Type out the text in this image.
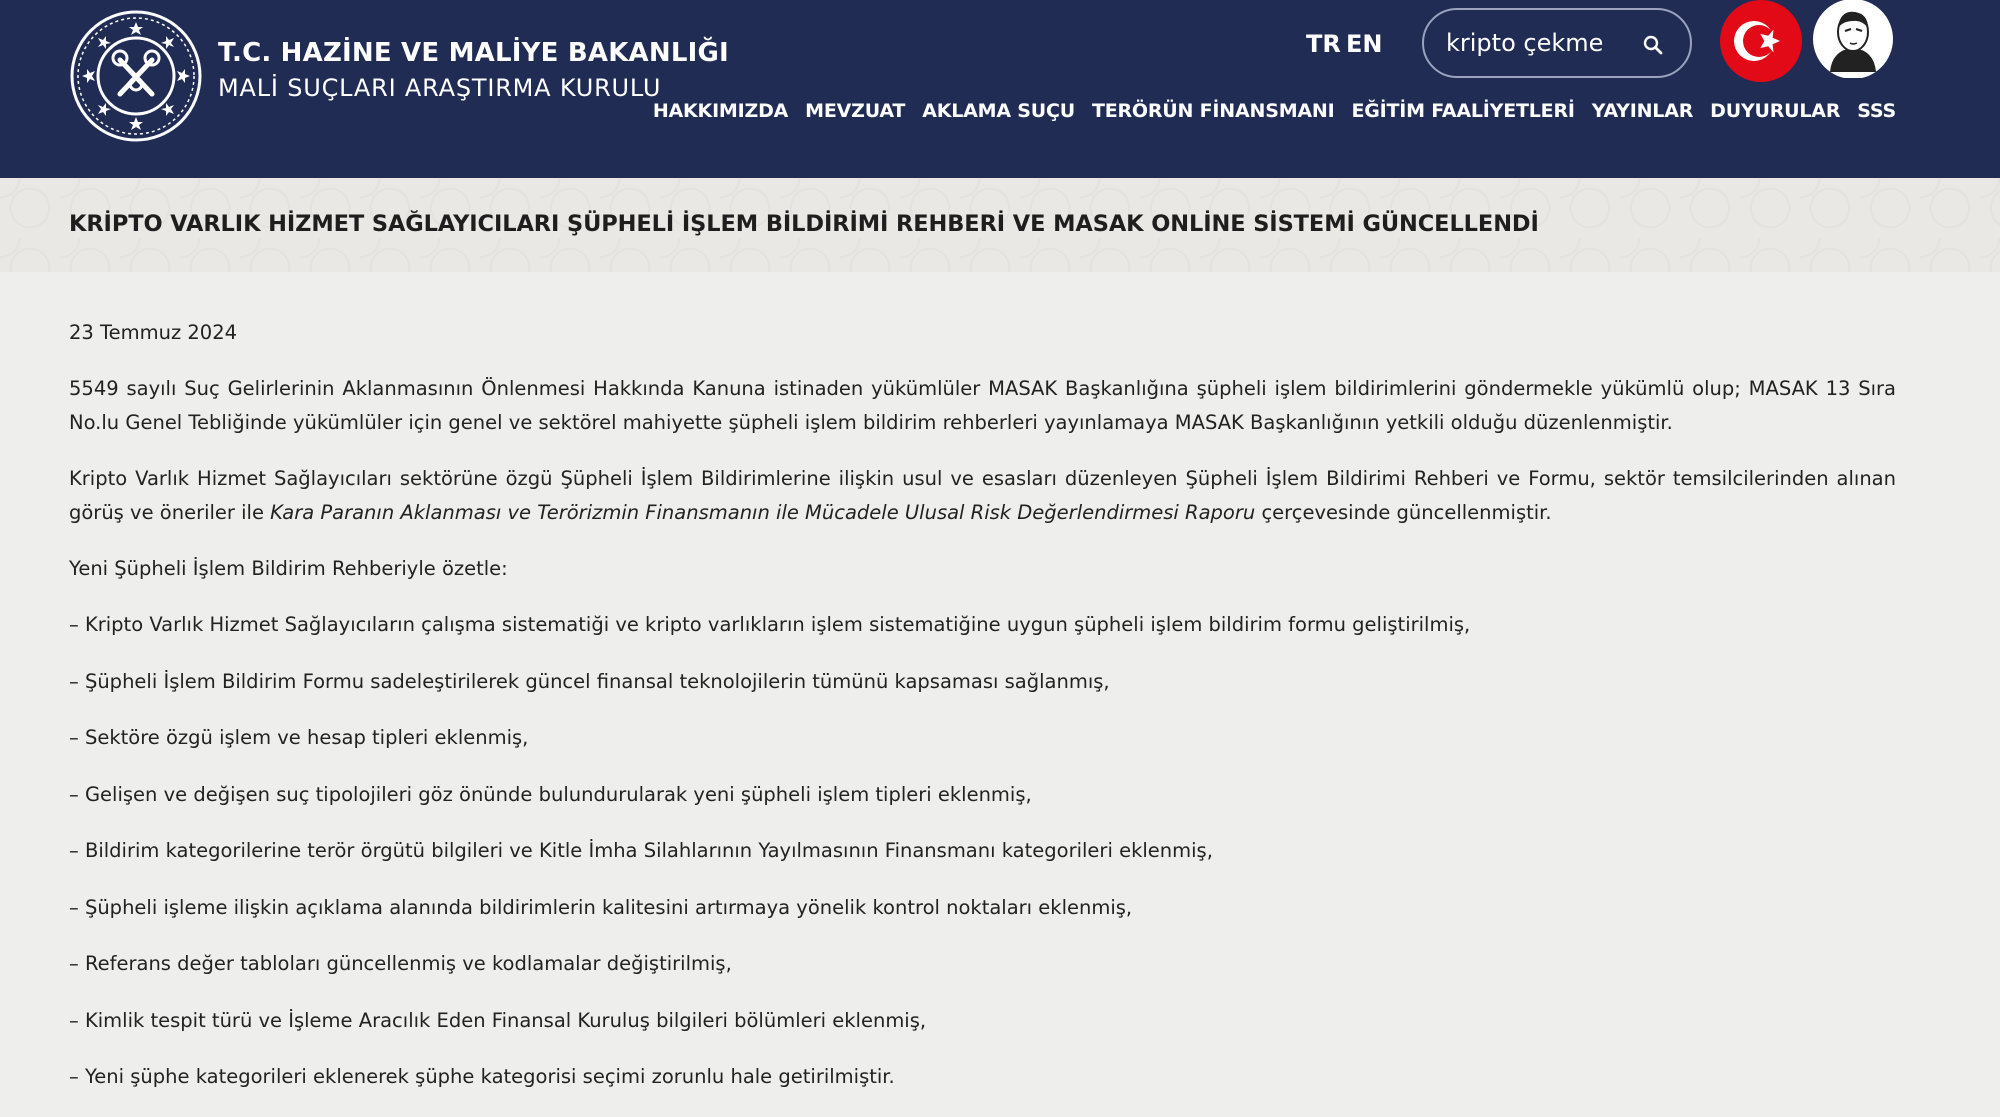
T.C. HAZİNE VE MALİYE BAKANLIĞI
MALİ SUÇLARI ARAŞTIRMA KURULU
TR EN
kripto çekme
HAKKIMIZDA MEVZUAT AKLAMA SUÇU TERÖRÜN FİNANSMANI EĞİTİM FAALİYETLERİ YAYINLAR DUYURULAR SSS
KRİPTO VARLIK HİZMET SAĞLAYICILARI ŞÜPHELİ İŞLEM BİLDİRİMİ REHBERİ VE MASAK ONLİNE SİSTEMİ GÜNCELLENDİ
23 Temmuz 2024

5549 sayılı Suç Gelirlerinin Aklanmasının Önlenmesi Hakkında Kanuna istinaden yükümlüler MASAK Başkanlığına şüpheli işlem bildirimlerini göndermekle yükümlü olup; MASAK 13 Sıra No.lu Genel Tebliğinde yükümlüler için genel ve sektörel mahiyette şüpheli işlem bildirim rehberleri yayınlamaya MASAK Başkanlığının yetkili olduğu düzenlenmiştir.

Kripto Varlık Hizmet Sağlayıcıları sektörüne özgü Şüpheli İşlem Bildirimlerine ilişkin usul ve esasları düzenleyen Şüpheli İşlem Bildirimi Rehberi ve Formu, sektör temsilcilerinden alınan görüş ve öneriler ile Kara Paranın Aklanması ve Terörizmin Finansmanın ile Mücadele Ulusal Risk Değerlendirmesi Raporu çerçevesinde güncellenmiştir.

Yeni Şüpheli İşlem Bildirim Rehberiyle özetle:

– Kripto Varlık Hizmet Sağlayıcıların çalışma sistematiği ve kripto varlıkların işlem sistematiğine uygun şüpheli işlem bildirim formu geliştirilmiş,
– Şüpheli İşlem Bildirim Formu sadeleştirilerek güncel finansal teknolojilerin tümünü kapsaması sağlanmış,
– Sektöre özgü işlem ve hesap tipleri eklenmiş,
– Gelişen ve değişen suç tipolojileri göz önünde bulundurularak yeni şüpheli işlem tipleri eklenmiş,
– Bildirim kategorilerine terör örgütü bilgileri ve Kitle İmha Silahlarının Yayılmasının Finansmanı kategorileri eklenmiş,
– Şüpheli işleme ilişkin açıklama alanında bildirimlerin kalitesini artırmaya yönelik kontrol noktaları eklenmiş,
– Referans değer tabloları güncellenmiş ve kodlamalar değiştirilmiş,
– Kimlik tespit türü ve İşleme Aracılık Eden Finansal Kuruluş bilgileri bölümleri eklenmiş,
– Yeni şüphe kategorileri eklenerek şüphe kategorisi seçimi zorunlu hale getirilmiştir.
